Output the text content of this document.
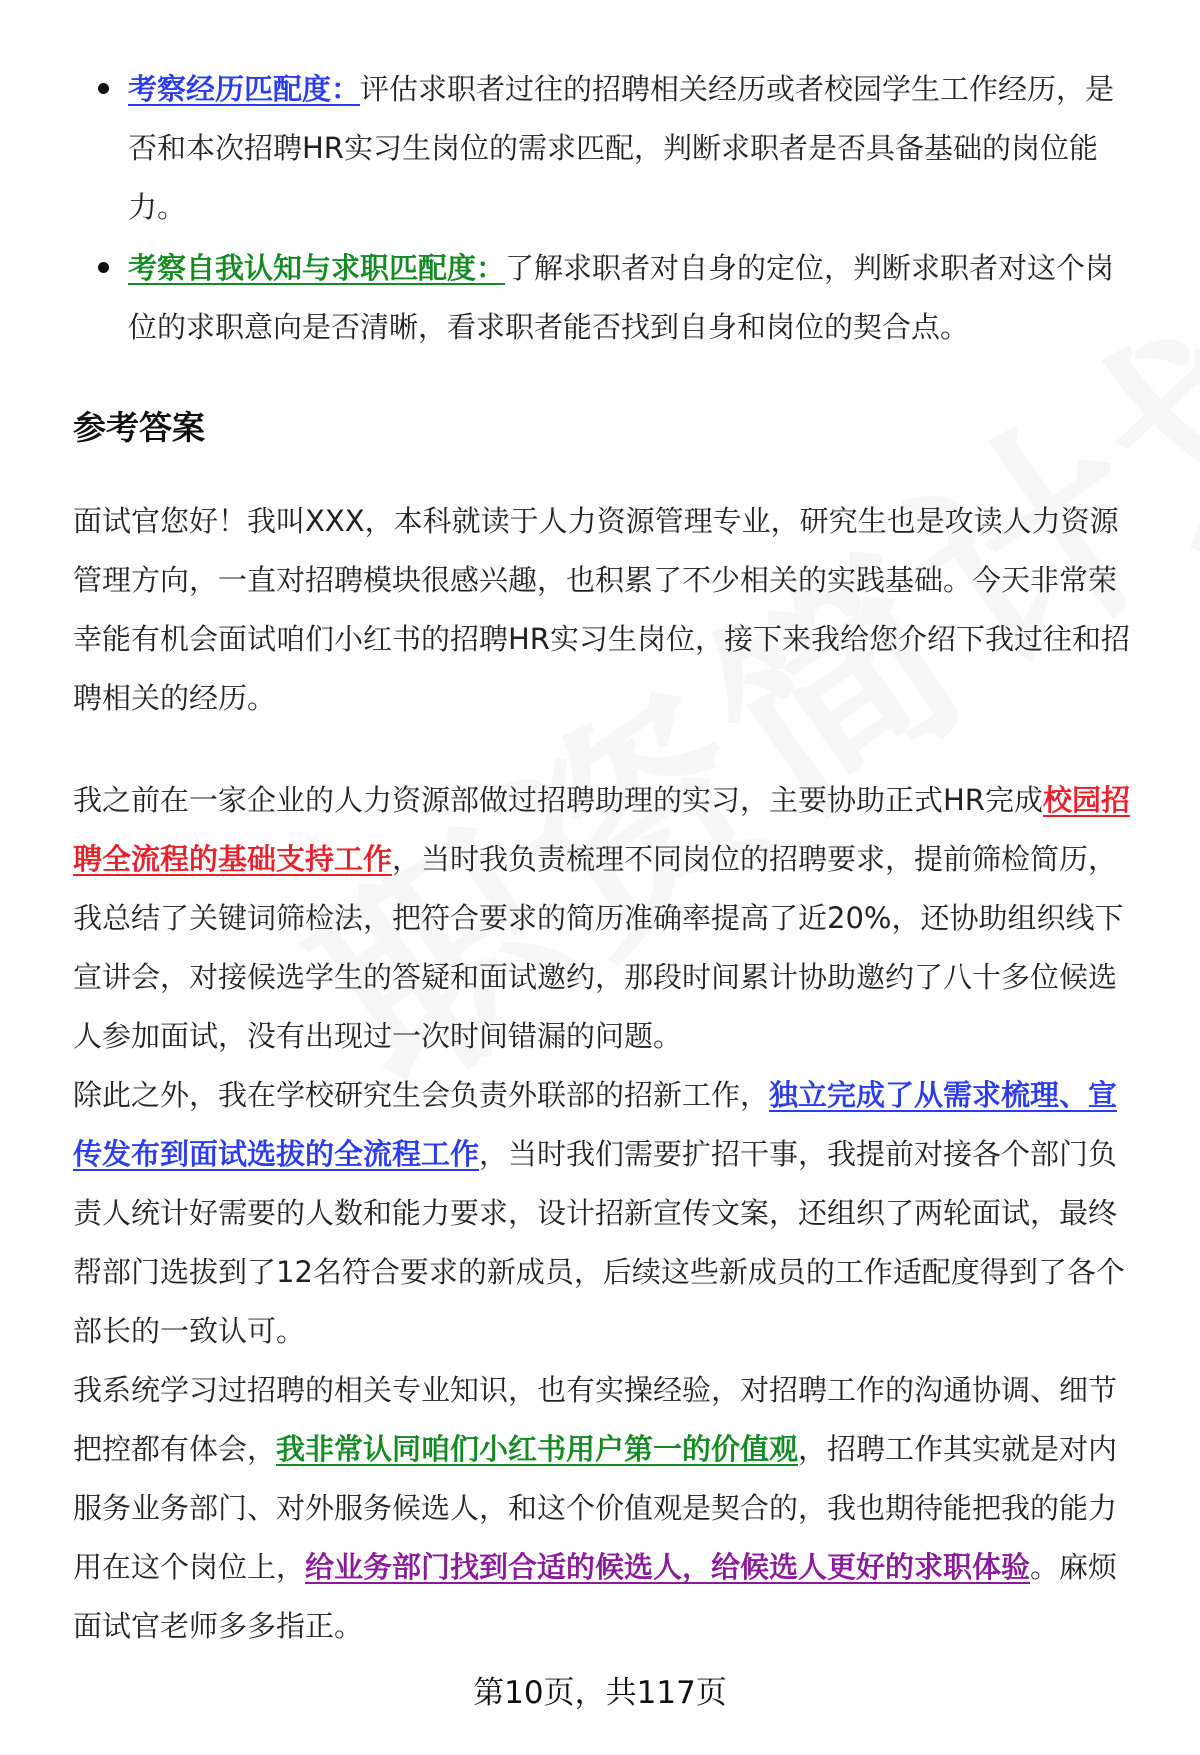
考察经历匹配度：评估求职者过往的招聘相关经历或者校园学生工作经历，是否和本次招聘HR实习生岗位的需求匹配，判断求职者是否具备基础的岗位能力。
考察自我认知与求职匹配度：了解求职者对自身的定位，判断求职者对这个岗位的求职意向是否清晰，看求职者能否找到自身和岗位的契合点。
参考答案

面试官您好！我叫XXX，本科就读于人力资源管理专业，研究生也是攻读人力资源管理方向，一直对招聘模块很感兴趣，也积累了不少相关的实践基础。今天非常荣幸能有机会面试咱们小红书的招聘HR实习生岗位，接下来我给您介绍下我过往和招聘相关的经历。

我之前在一家企业的人力资源部做过招聘助理的实习，主要协助正式HR完成校园招聘全流程的基础支持工作，当时我负责梳理不同岗位的招聘要求，提前筛检简历，我总结了关键词筛检法，把符合要求的简历准确率提高了近20%，还协助组织线下宣讲会，对接候选学生的答疑和面试邀约，那段时间累计协助邀约了八十多位候选人参加面试，没有出现过一次时间错漏的问题。

除此之外，我在学校研究生会负责外联部的招新工作，独立完成了从需求梳理、宣传发布到面试选拔的全流程工作，当时我们需要扩招干事，我提前对接各个部门负责人统计好需要的人数和能力要求，设计招新宣传文案，还组织了两轮面试，最终帮部门选拔到了12名符合要求的新成员，后续这些新成员的工作适配度得到了各个部长的一致认可。

我系统学习过招聘的相关专业知识，也有实操经验，对招聘工作的沟通协调、细节把控都有体会，我非常认同咱们小红书用户第一的价值观，招聘工作其实就是对内服务业务部门、对外服务候选人，和这个价值观是契合的，我也期待能把我的能力用在这个岗位上，给业务部门找到合适的候选人，给候选人更好的求职体验。麻烦面试官老师多多指正。

第10页，共117页
